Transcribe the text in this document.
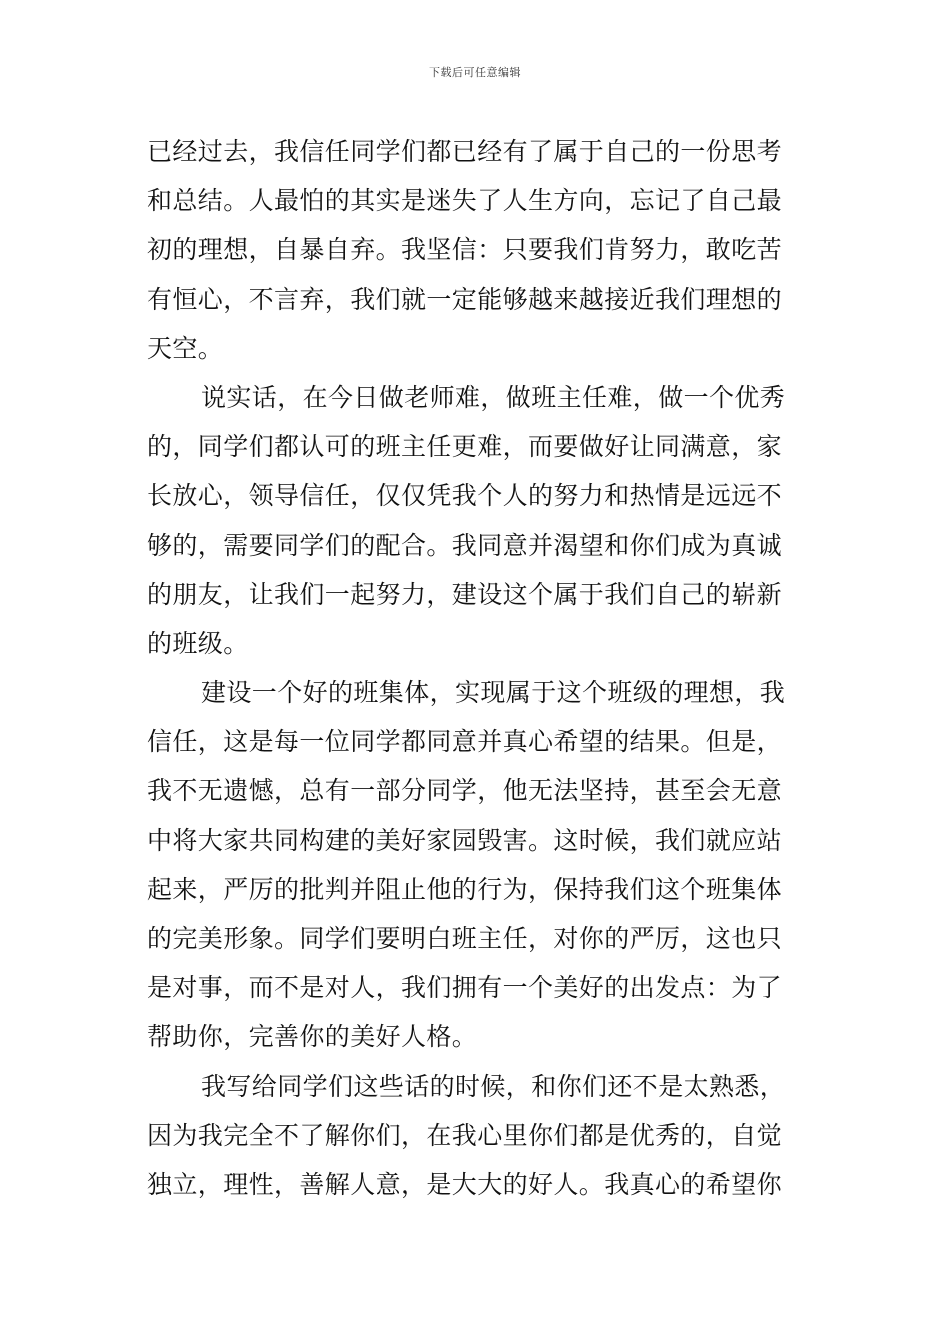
下载后可任意编辑
已经过去，我信任同学们都已经有了属于自己的一份思考
和总结。人最怕的其实是迷失了人生方向，忘记了自己最
初的理想，自暴自弃。我坚信：只要我们肯努力，敢吃苦
有恒心，不言弃，我们就一定能够越来越接近我们理想的
天空。
说实话，在今日做老师难，做班主任难，做一个优秀
的，同学们都认可的班主任更难，而要做好让同满意，家
长放心，领导信任，仅仅凭我个人的努力和热情是远远不
够的，需要同学们的配合。我同意并渴望和你们成为真诚
的朋友，让我们一起努力，建设这个属于我们自己的崭新
的班级。
建设一个好的班集体，实现属于这个班级的理想，我
信任，这是每一位同学都同意并真心希望的结果。但是，
我不无遗憾，总有一部分同学，他无法坚持，甚至会无意
中将大家共同构建的美好家园毁害。这时候，我们就应站
起来，严厉的批判并阻止他的行为，保持我们这个班集体
的完美形象。同学们要明白班主任，对你的严厉，这也只
是对事，而不是对人，我们拥有一个美好的出发点：为了
帮助你，完善你的美好人格。
我写给同学们这些话的时候，和你们还不是太熟悉，
因为我完全不了解你们，在我心里你们都是优秀的，自觉
独立，理性，善解人意，是大大的好人。我真心的希望你
